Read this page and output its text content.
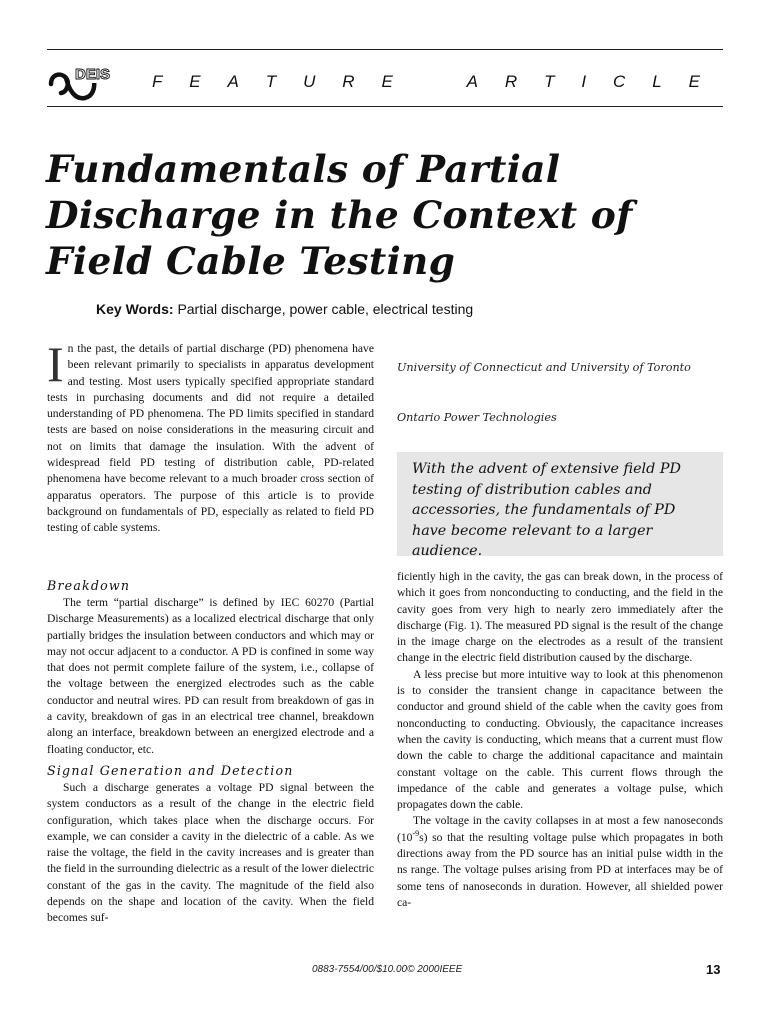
DEIS F E A T U R E	A R T I C L E
Fundamentals of Partial
Discharge in the Context of
Field Cable Testing
Key Words: Partial discharge, power cable, electrical testing
I n the past, the details of partial discharge (PD) phenomena have been relevant primarily to specialists in apparatus development and testing. Most users typically specified appropriate standard tests in purchasing documents and did not require a detailed understanding of PD phenomena. The PD limits specified in standard tests are based on noise considerations in the measuring circuit and not on limits that damage the insulation. With the advent of widespread field PD testing of distribution cable, PD-related phenomena have become relevant to a much broader cross section of apparatus operators. The purpose of this article is to provide background on fundamentals of PD, especially as related to field PD testing of cable systems.
University of Connecticut and University of Toronto
Ontario Power Technologies
With the advent of extensive field PD testing of distribution cables and accessories, the fundamentals of PD have become relevant to a larger audience.

Breakdown

The term “partial discharge” is defined by IEC 60270 (Partial Discharge Measurements) as a localized electrical discharge that only partially bridges the insulation between conductors and which may or may not occur adjacent to a conductor. A PD is confined in some way that does not permit complete failure of the system, i.e., collapse of the voltage between the energized electrodes such as the cable conductor and neutral wires. PD can result from breakdown of gas in a cavity, breakdown of gas in an electrical tree channel, breakdown along an interface, breakdown between an energized electrode and a floating conductor, etc.

Signal Generation and Detection

Such a discharge generates a voltage PD signal between the system conductors as a result of the change in the electric field configuration, which takes place when the discharge occurs. For example, we can consider a cavity in the dielectric of a cable. As we raise the voltage, the field in the cavity increases and is greater than the field in the surrounding dielectric as a result of the lower dielectric constant of the gas in the cavity. The magnitude of the field also depends on the shape and location of the cavity. When the field becomes suf-

ficiently high in the cavity, the gas can break down, in the process of which it goes from nonconducting to conducting, and the field in the cavity goes from very high to nearly zero immediately after the discharge (Fig. 1). The measured PD signal is the result of the change in the image charge on the electrodes as a result of the transient change in the electric field distribution caused by the discharge.

A less precise but more intuitive way to look at this phenomenon is to consider the transient change in capacitance between the conductor and ground shield of the cable when the cavity goes from nonconducting to conducting. Obviously, the capacitance increases when the cavity is conducting, which means that a current must flow down the cable to charge the additional capacitance and maintain constant voltage on the cable. This current flows through the impedance of the cable and generates a voltage pulse, which propagates down the cable.

The voltage in the cavity collapses in at most a few nanoseconds $(10^{-9}s)$ so that the resulting voltage pulse which propagates in both directions away from the PD source has an initial pulse width in the ns range. The voltage pulses arising from PD at interfaces may be of some tens of nanoseconds in duration. However, all shielded power ca-

0883-7554/00/$10.00© 2000IEEE	13
